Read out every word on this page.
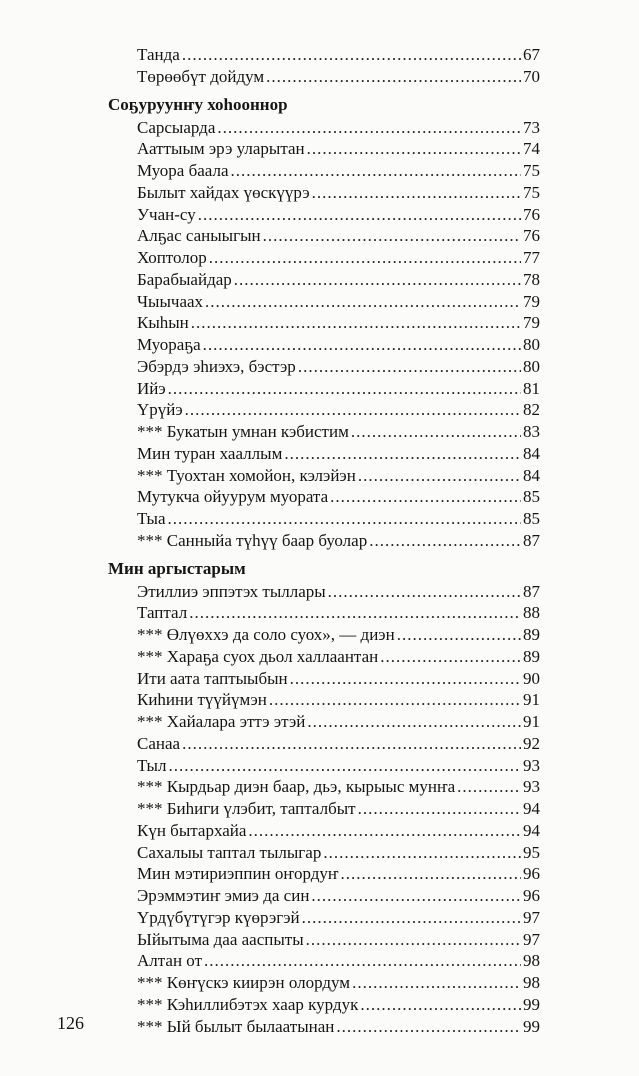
Танда .....	67
Төрөөбүт дойдум .....	70
Соҕуруунҥу хоһооннор
Сарсыарда .....	73
Ааттыым эрэ уларытан .....	74
Муора баала .....	75
Былыт хайдах үөскүүрэ .....	75
Учан-су .....	76
Алҕас саныыгын .....	76
Хоптолор .....	77
Барабыайдар .....	78
Чыычаах .....	79
Кыһын .....	79
Муораҕа .....	80
Эбэрдэ эһиэхэ, бэстэр .....	80
Ийэ .....	81
Үрүйэ .....	82
*** Букатын умнан кэбистим .....	83
Мин туран хааллым .....	84
*** Туохтан хомойон, кэлэйэн .....	84
Мутукча ойуурум муората .....	85
Тыа .....	85
*** Санныйа түһүү баар буолар .....	87
Мин аргыстарым
Этиллиэ эппэтэх тыллары .....	87
Таптал .....	88
*** Өлүөххэ да соло суох», — диэн .....	89
*** Хараҕа суох дьол халлаантан .....	89
Ити аата таптыыбын .....	90
Киһини түүйүмэн .....	91
*** Хайалара эттэ этэй .....	91
Санаа .....	92
Тыл .....	93
*** Кырдьар диэн баар, дьэ, кырыыс мунҥа .....	93
*** Биһиги үлэбит, тапталбыт .....	94
Күн бытархайа .....	94
Сахалыы таптал тылыгар .....	95
Мин мэтириэппин оҥордуҥ .....	96
Эрэммэтиҥ эмиэ да син .....	96
Үрдүбүтүгэр күөрэгэй .....	97
Ыйытыма даа ааспыты .....	97
Алтан от .....	98
*** Көҥүскэ киирэн олордум .....	98
*** Кэһиллибэтэх хаар курдук .....	99
*** Ый былыт былаатынан .....	99
126
